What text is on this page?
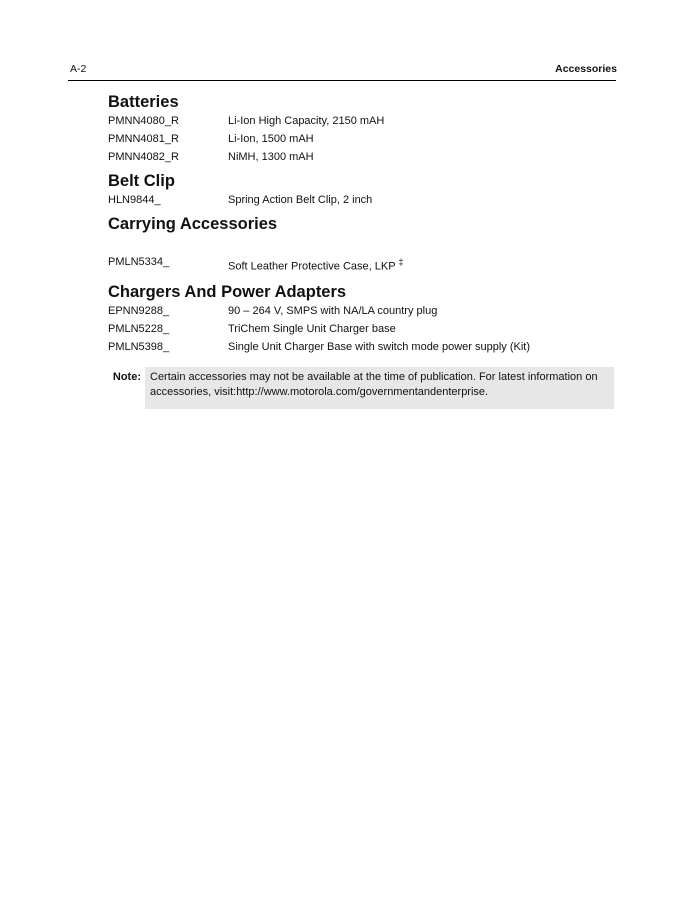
A-2	Accessories
Batteries
PMNN4080_R	Li-Ion High Capacity, 2150 mAH
PMNN4081_R	Li-Ion, 1500 mAH
PMNN4082_R	NiMH, 1300 mAH
Belt Clip
HLN9844_	Spring Action Belt Clip, 2 inch
Carrying Accessories
PMLN5334_	Soft Leather Protective Case, LKP ‡
Chargers And Power Adapters
EPNN9288_	90 – 264 V, SMPS with NA/LA country plug
PMLN5228_	TriChem Single Unit Charger base
PMLN5398_	Single Unit Charger Base with switch mode power supply (Kit)
Note: Certain accessories may not be available at the time of publication. For latest information on accessories, visit:http://www.motorola.com/governmentandenterprise.
